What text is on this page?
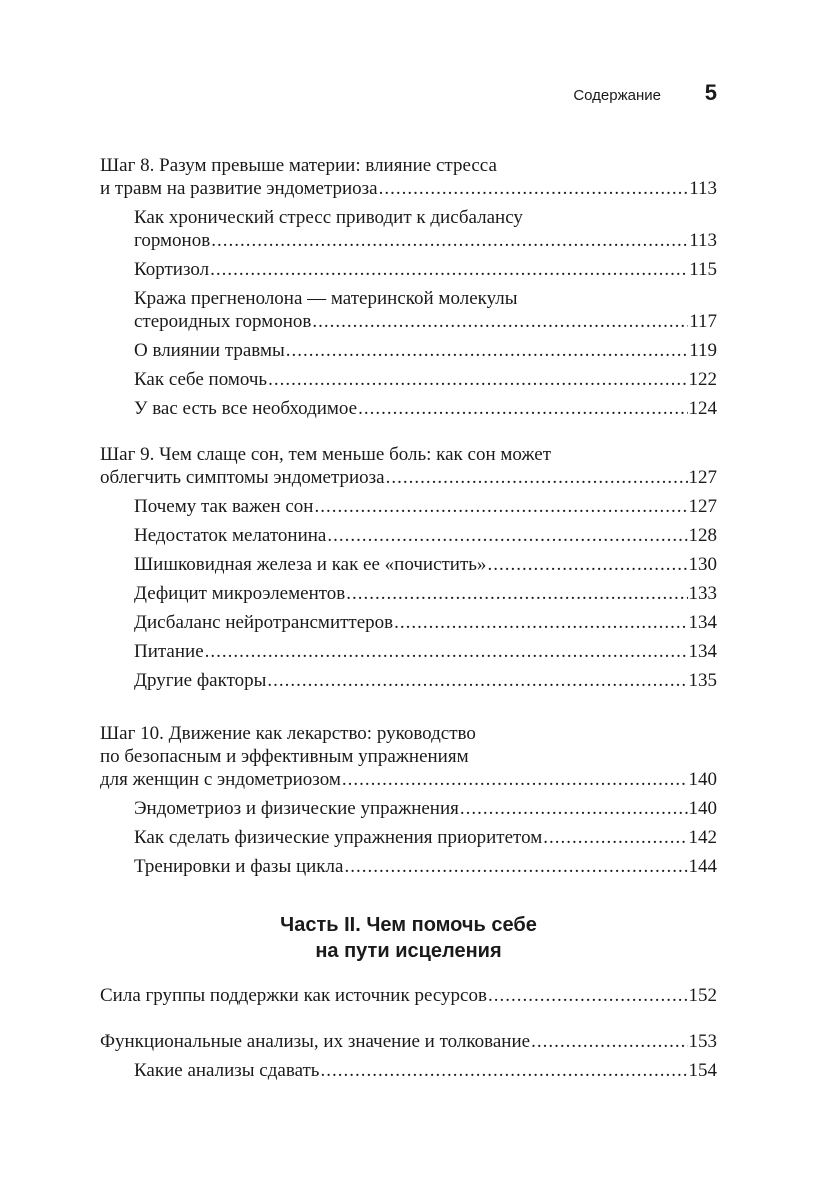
Содержание 5
Шаг 8. Разум превыше материи: влияние стресса
и травм на развитие эндометриоза .....	113
Как хронический стресс приводит к дисбалансу
гормонов .....	113
Кортизол .....	115
Кража прегненолона — материнской молекулы
стероидных гормонов .....	117
О влиянии травмы .....	119
Как себе помочь .....	122
У вас есть все необходимое .....	124
Шаг 9. Чем слаще сон, тем меньше боль: как сон может
облегчить симптомы эндометриоза .....	127
Почему так важен сон .....	127
Недостаток мелатонина .....	128
Шишковидная железа и как ее «почистить» .....	130
Дефицит микроэлементов .....	133
Дисбаланс нейротрансмиттеров .....	134
Питание .....	134
Другие факторы .....	135
Шаг 10. Движение как лекарство: руководство
по безопасным и эффективным упражнениям
для женщин с эндометриозом .....	140
Эндометриоз и физические упражнения .....	140
Как сделать физические упражнения приоритетом .....	142
Тренировки и фазы цикла .....	144
Часть II. Чем помочь себе
на пути исцеления
Сила группы поддержки как источник ресурсов .....	152
Функциональные анализы, их значение и толкование .....	153
Какие анализы сдавать .....	154
